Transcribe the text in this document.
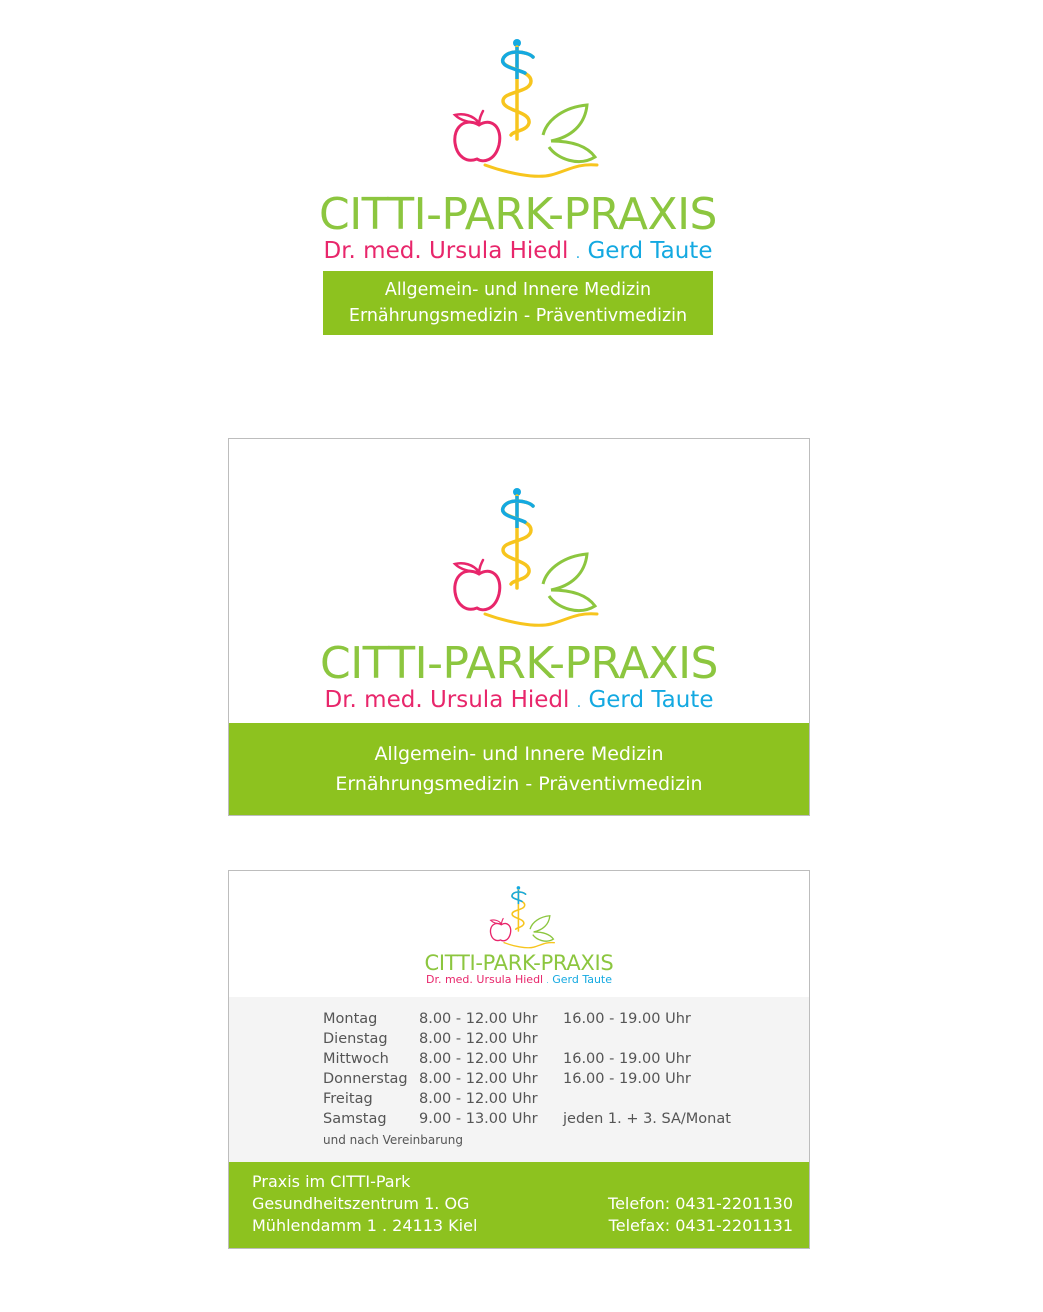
CITTI-PARK-PRAXIS
Dr. med. Ursula Hiedl . Gerd Taute
Allgemein- und Innere Medizin
Ernährungsmedizin - Präventivmedizin
CITTI-PARK-PRAXIS
Dr. med. Ursula Hiedl . Gerd Taute
Allgemein- und Innere Medizin
Ernährungsmedizin - Präventivmedizin
CITTI-PARK-PRAXIS
Dr. med. Ursula Hiedl . Gerd Taute
Montag	8.00 - 12.00 Uhr 16.00 - 19.00 Uhr
Dienstag 8.00 - 12.00 Uhr
Mittwoch 8.00 - 12.00 Uhr 16.00 - 19.00 Uhr
Donnerstag 8.00 - 12.00 Uhr 16.00 - 19.00 Uhr
Freitag	8.00 - 12.00 Uhr
Samstag 9.00 - 13.00 Uhr jeden 1. + 3. SA/Monat
und nach Vereinbarung
Praxis im CITTI-Park
Gesundheitszentrum 1. OG
Mühlendamm 1 . 24113 Kiel
Telefon: 0431-2201130
Telefax: 0431-2201131
